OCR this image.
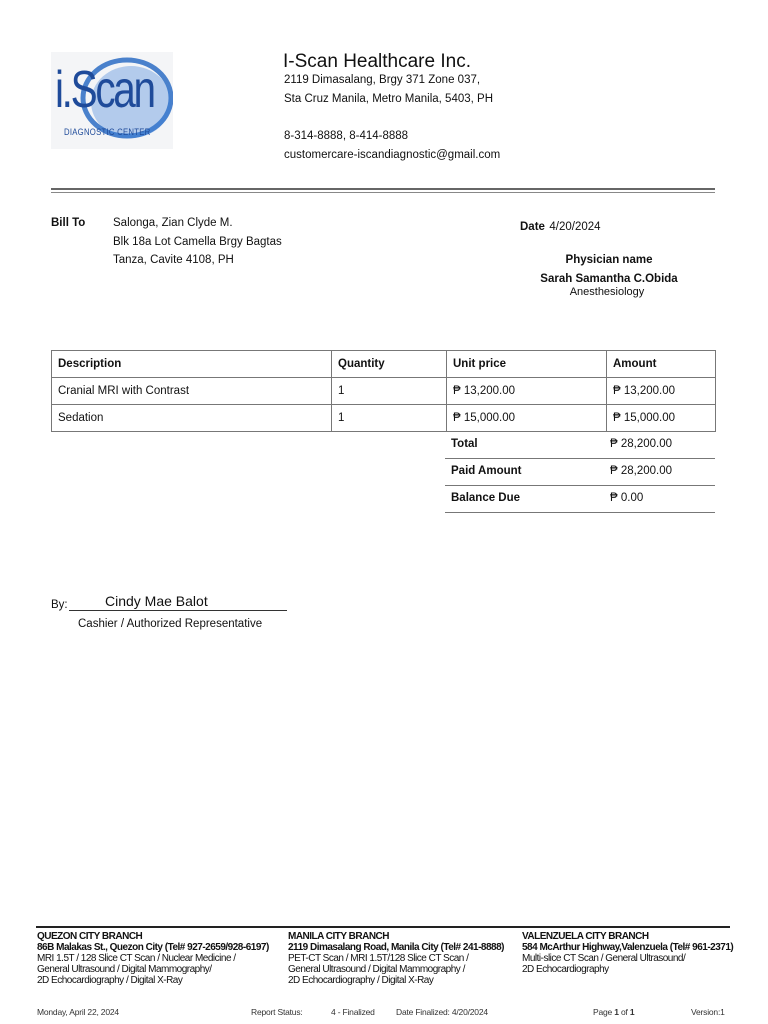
i.Scan
DIAGNOSTIC CENTER
I-Scan Healthcare Inc.
2119 Dimasalang, Brgy 371 Zone 037,
Sta Cruz Manila, Metro Manila, 5403, PH
8-314-8888, 8-414-8888
customercare-iscandiagnostic@gmail.com
Bill To Salonga, Zian Clyde M.
Blk 18a Lot Camella Brgy Bagtas
Tanza, Cavite 4108, PH
Date 4/20/2024
Physician name
Sarah Samantha C.Obida
Anesthesiology
Description	Quantity	Unit price	Amount
Cranial MRI with Contrast	1	₱ 13,200.00	₱ 13,200.00
Sedation	1	₱ 15,000.00	₱ 15,000.00
Total	₱ 28,200.00
Paid Amount	₱ 28,200.00
Balance Due	₱ 0.00
By:	Cindy Mae Balot
Cashier / Authorized Representative
QUEZON CITY BRANCH
86B Malakas St., Quezon City (Tel# 927-2659/928-6197)
MRI 1.5T / 128 Slice CT Scan / Nuclear Medicine /
General Ultrasound / Digital Mammography/
2D Echocardiography / Digital X-Ray
MANILA CITY BRANCH
2119 Dimasalang Road, Manila City (Tel# 241-8888)
PET-CT Scan / MRI 1.5T/128 Slice CT Scan /
General Ultrasound / Digital Mammography /
2D Echocardiography / Digital X-Ray
VALENZUELA CITY BRANCH
584 McArthur Highway,Valenzuela (Tel# 961-2371)
Multi-slice CT Scan / General Ultrasound/
2D Echocardiography
Monday, April 22, 2024	Report Status:	4 - Finalized	Date Finalized: 4/20/2024	Page 1 of 1	Version:1
